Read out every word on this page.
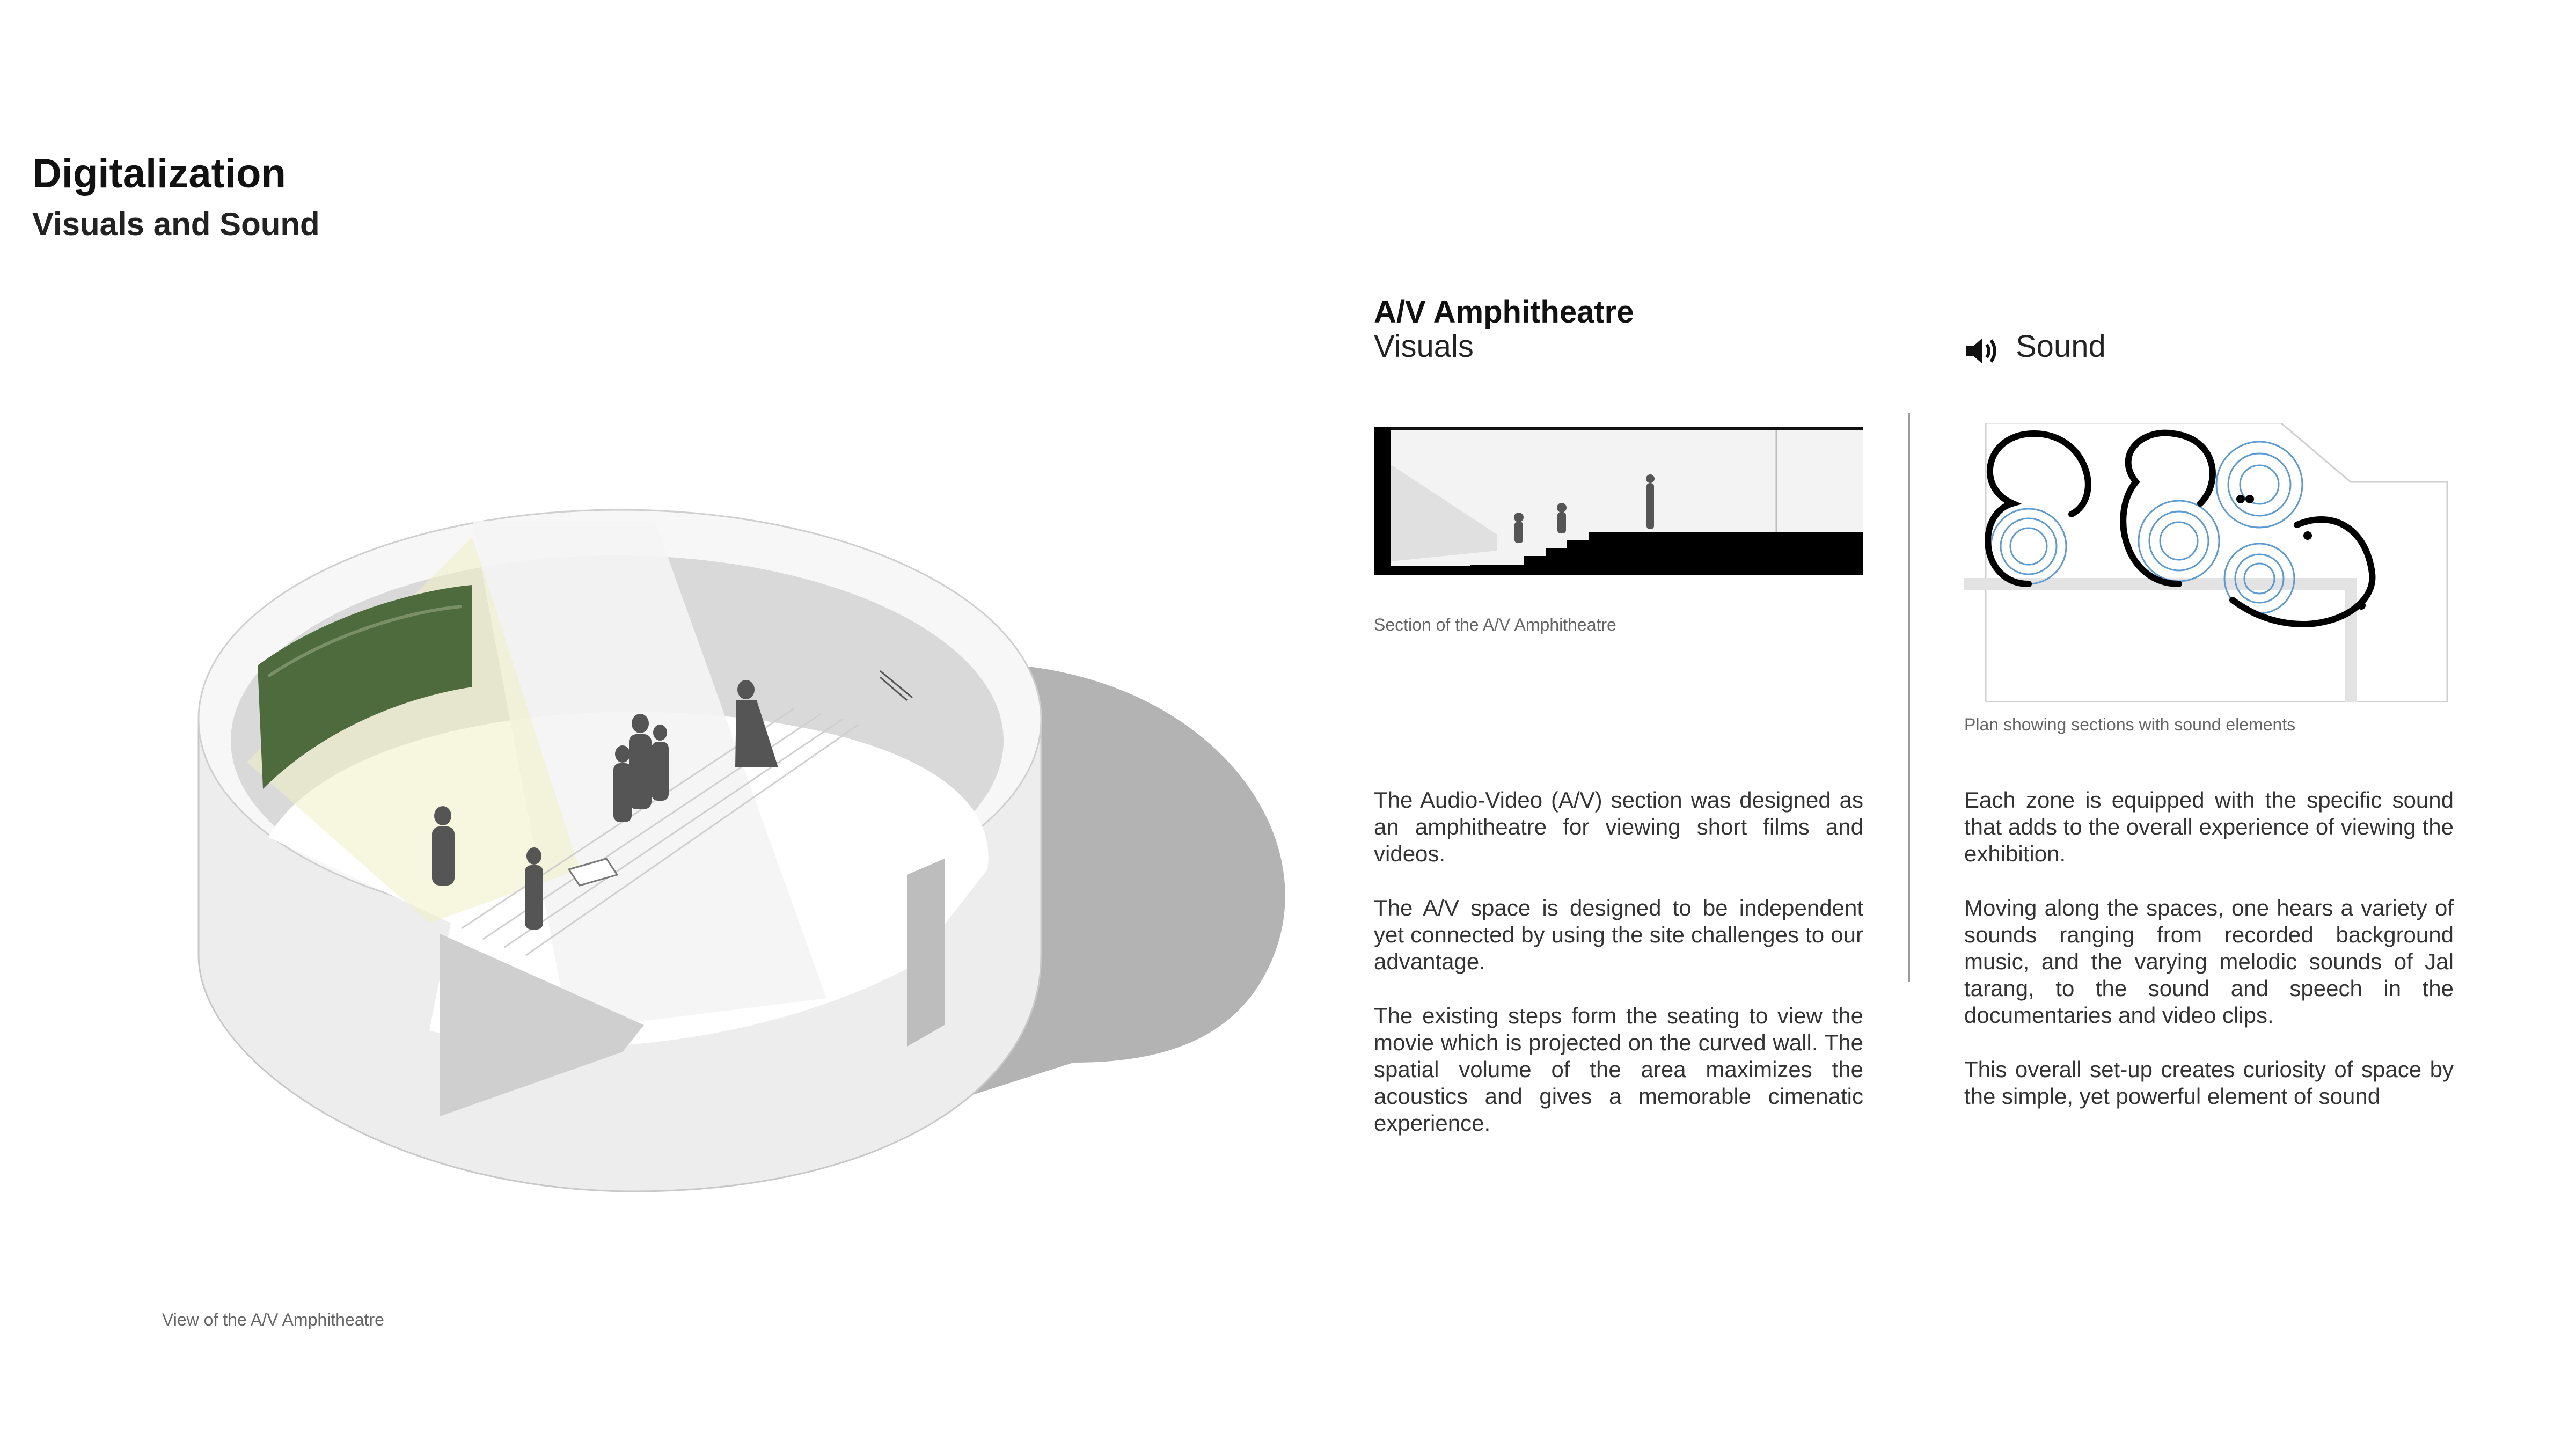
Digitalization
Visuals and Sound
View of the A/V Amphitheatre
A/V Amphitheatre
Visuals
Section of the A/V Amphitheatre

The Audio-Video (A/V) section was designed as an amphitheatre for viewing short films and videos.

The A/V space is designed to be independent yet connected by using the site challenges to our advantage.

The existing steps form the seating to view the movie which is projected on the curved wall. The spatial volume of the area maximizes the acoustics and gives a memorable cimenatic experience.

Sound
Plan showing sections with sound elements

Each zone is equipped with the specific sound that adds to the overall experience of viewing the exhibition.

Moving along the spaces, one hears a variety of sounds ranging from recorded background music, and the varying melodic sounds of Jal tarang, to the sound and speech in the documentaries and video clips.

This overall set-up creates curiosity of space by the simple, yet powerful element of sound
